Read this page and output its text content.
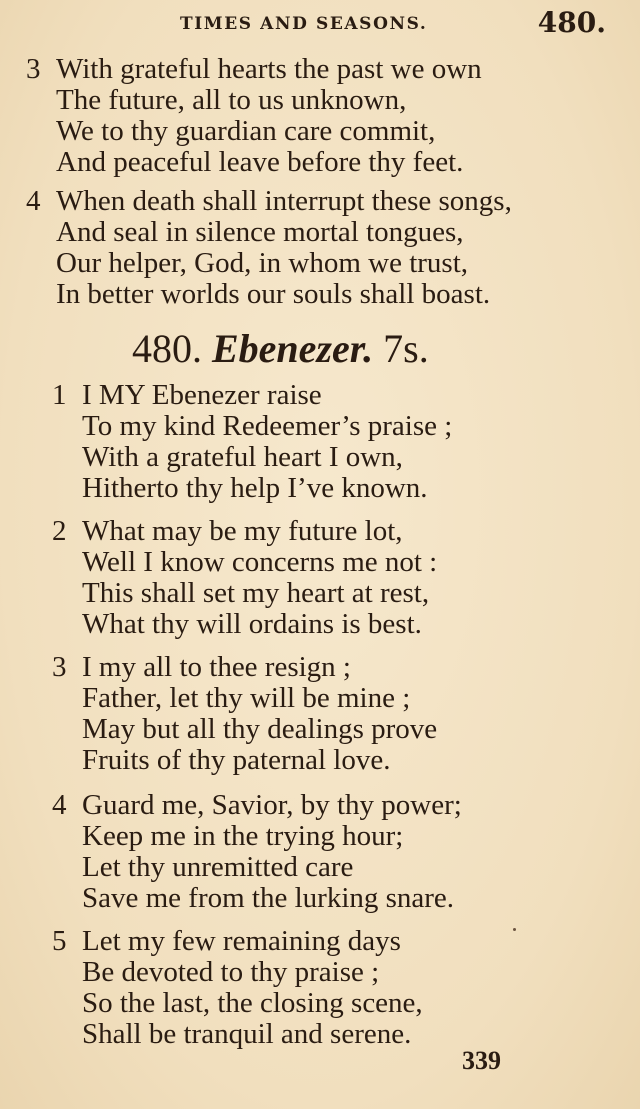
TIMES AND SEASONS.	480.
3 With grateful hearts the past we own
The future, all to us unknown,
We to thy guardian care commit,
And peaceful leave before thy feet.
4 When death shall interrupt these songs,
And seal in silence mortal tongues,
Our helper, God, in whom we trust,
In better worlds our souls shall boast.
480. Ebenezer. 7s.
1 I MY Ebenezer raise
To my kind Redeemer’s praise ;
With a grateful heart I own,
Hitherto thy help I’ve known.
2 What may be my future lot,
Well I know concerns me not :
This shall set my heart at rest,
What thy will ordains is best.
3 I my all to thee resign ;
Father, let thy will be mine ;
May but all thy dealings prove
Fruits of thy paternal love.
4 Guard me, Savior, by thy power;
Keep me in the trying hour;
Let thy unremitted care
Save me from the lurking snare.
5 Let my few remaining days
Be devoted to thy praise ;
So the last, the closing scene,
Shall be tranquil and serene.
339
